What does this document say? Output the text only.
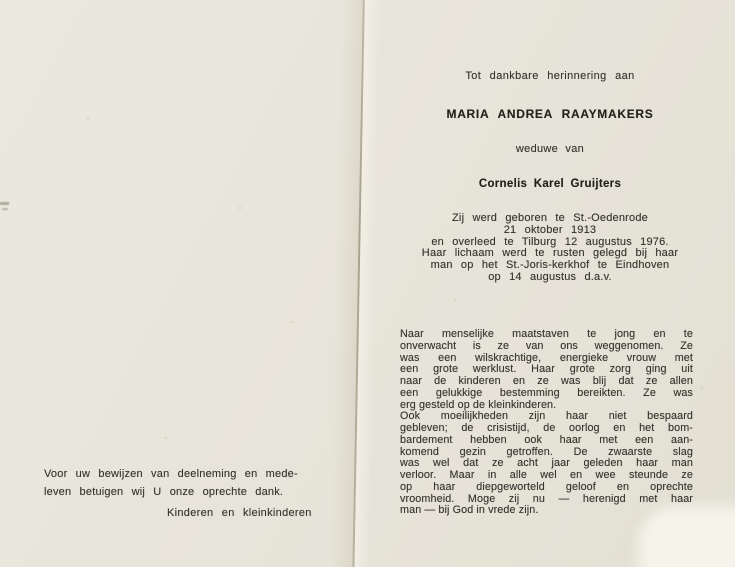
Tot dankbare herinnering aan
MARIA ANDREA RAAYMAKERS
weduwe van
Cornelis Karel Gruijters
Zij werd geboren te St.-Oedenrode
21 oktober 1913
en overleed te Tilburg 12 augustus 1976.
Haar lichaam werd te rusten gelegd bij haar
man op het St.-Joris-kerkhof te Eindhoven
op 14 augustus d.a.v.
Naar menselijke maatstaven te jong en te
onverwacht is ze van ons weggenomen. Ze
was een wilskrachtige, energieke vrouw met
een grote werklust. Haar grote zorg ging uit
naar de kinderen en ze was blij dat ze allen
een gelukkige bestemming bereikten. Ze was
erg gesteld op de kleinkinderen.
Ook moeilijkheden zijn haar niet bespaard
gebleven; de crisistijd, de oorlog en het bom-
bardement hebben ook haar met een aan-
komend gezin getroffen. De zwaarste slag
was wel dat ze acht jaar geleden haar man
verloor. Maar in alle wel en wee steunde ze
op haar diepgeworteld geloof en oprechte
vroomheid. Moge zij nu — herenigd met haar
man — bij God in vrede zijn.
Voor uw bewijzen van deelneming en mede-
leven betuigen wij U onze oprechte dank.
Kinderen en kleinkinderen
